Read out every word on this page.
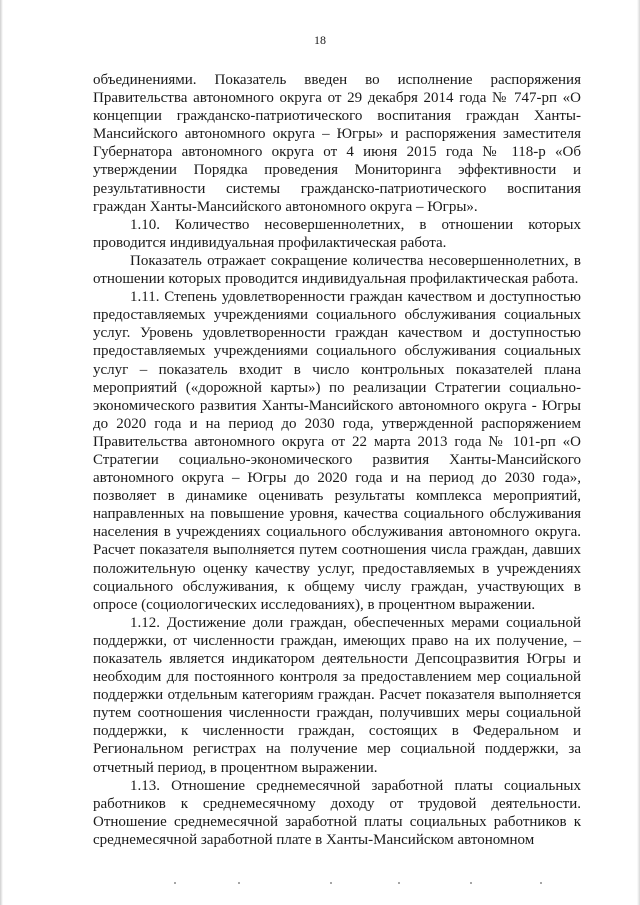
18

объединениями. Показатель введен во исполнение распоряжения Правительства автономного округа от 29 декабря 2014 года № 747-рп «О концепции гражданско-патриотического воспитания граждан Ханты-Мансийского автономного округа – Югры» и распоряжения заместителя Губернатора автономного округа от 4 июня 2015 года № 118-р «Об утверждении Порядка проведения Мониторинга эффективности и результативности системы гражданско-патриотического воспитания граждан Ханты-Мансийского автономного округа – Югры».

1.10. Количество несовершеннолетних, в отношении которых проводится индивидуальная профилактическая работа.

Показатель отражает сокращение количества несовершеннолетних, в отношении которых проводится индивидуальная профилактическая работа.

1.11. Степень удовлетворенности граждан качеством и доступностью предоставляемых учреждениями социального обслуживания социальных услуг. Уровень удовлетворенности граждан качеством и доступностью предоставляемых учреждениями социального обслуживания социальных услуг – показатель входит в число контрольных показателей плана мероприятий («дорожной карты») по реализации Стратегии социально-экономического развития Ханты-Мансийского автономного округа - Югры до 2020 года и на период до 2030 года, утвержденной распоряжением Правительства автономного округа от 22 марта 2013 года № 101-рп «О Стратегии социально-экономического развития Ханты-Мансийского автономного округа – Югры до 2020 года и на период до 2030 года», позволяет в динамике оценивать результаты комплекса мероприятий, направленных на повышение уровня, качества социального обслуживания населения в учреждениях социального обслуживания автономного округа. Расчет показателя выполняется путем соотношения числа граждан, давших положительную оценку качеству услуг, предоставляемых в учреждениях социального обслуживания, к общему числу граждан, участвующих в опросе (социологических исследованиях), в процентном выражении.

1.12. Достижение доли граждан, обеспеченных мерами социальной поддержки, от численности граждан, имеющих право на их получение, – показатель является индикатором деятельности Депсоцразвития Югры и необходим для постоянного контроля за предоставлением мер социальной поддержки отдельным категориям граждан. Расчет показателя выполняется путем соотношения численности граждан, получивших меры социальной поддержки, к численности граждан, состоящих в Федеральном и Региональном регистрах на получение мер социальной поддержки, за отчетный период, в процентном выражении.

1.13. Отношение среднемесячной заработной платы социальных работников к среднемесячному доходу от трудовой деятельности. Отношение среднемесячной заработной платы социальных работников к среднемесячной заработной плате в Ханты-Мансийском автономном
